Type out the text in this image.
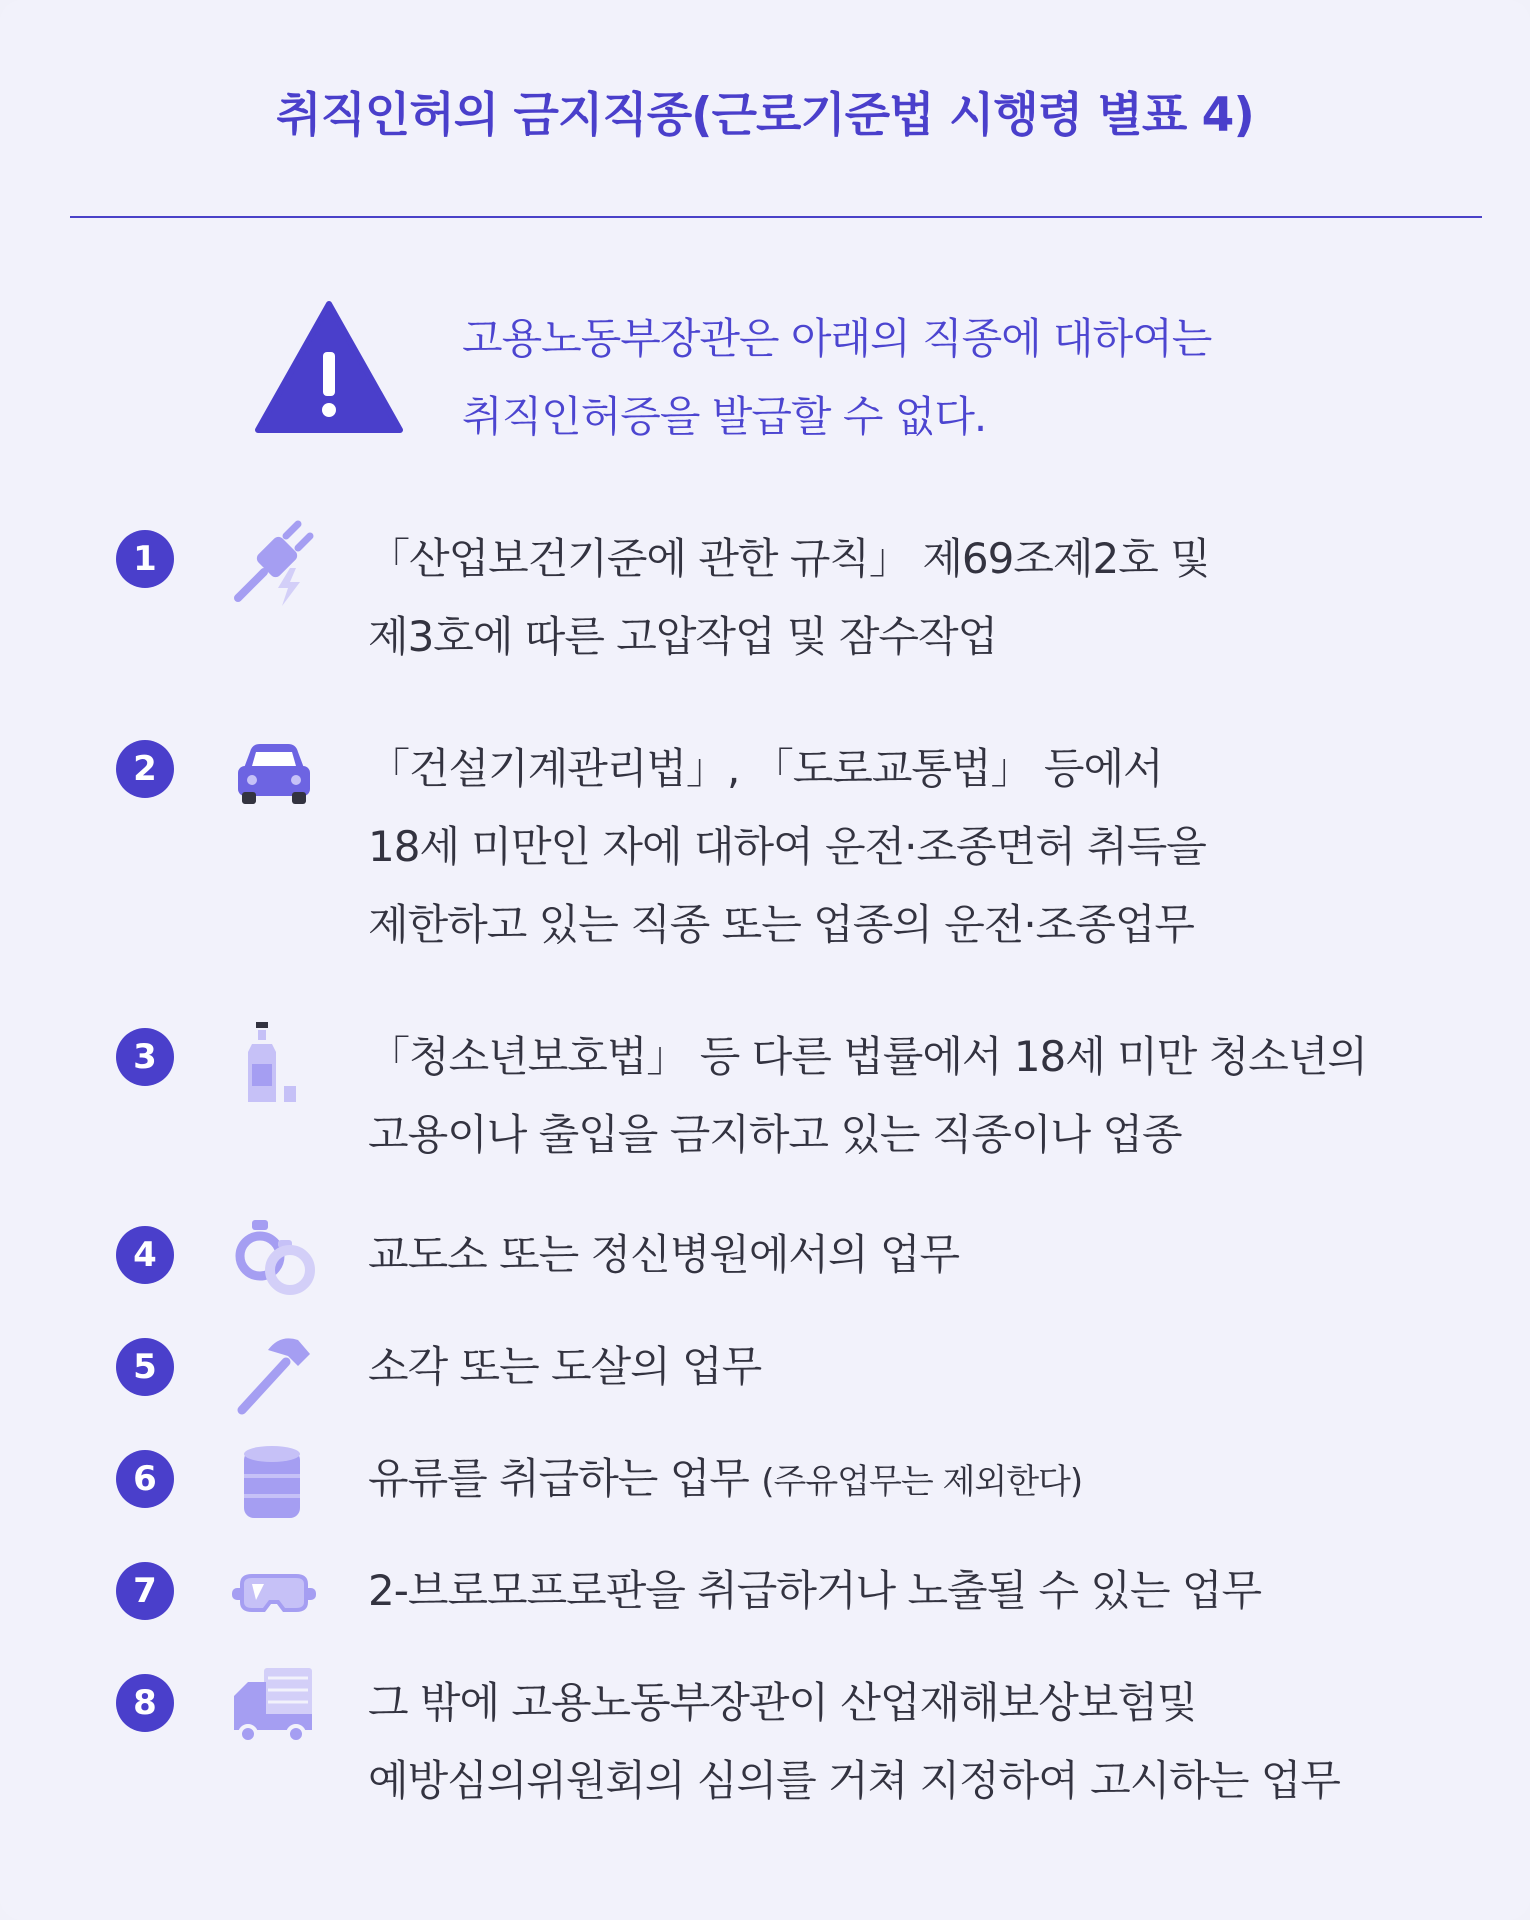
취직인허의 금지직종(근로기준법 시행령 별표 4)
고용노동부장관은 아래의 직종에 대하여는
취직인허증을 발급할 수 없다.
1	「산업보건기준에 관한 규칙」 제69조제2호 및
제3호에 따른 고압작업 및 잠수작업
2	「건설기계관리법」, 「도로교통법」 등에서
18세 미만인 자에 대하여 운전·조종면허 취득을
제한하고 있는 직종 또는 업종의 운전·조종업무
3	「청소년보호법」 등 다른 법률에서 18세 미만 청소년의
고용이나 출입을 금지하고 있는 직종이나 업종
4	교도소 또는 정신병원에서의 업무
5	소각 또는 도살의 업무
6	유류를 취급하는 업무 (주유업무는 제외한다)
7	2-브로모프로판을 취급하거나 노출될 수 있는 업무
8	그 밖에 고용노동부장관이 산업재해보상보험및
예방심의위원회의 심의를 거쳐 지정하여 고시하는 업무
